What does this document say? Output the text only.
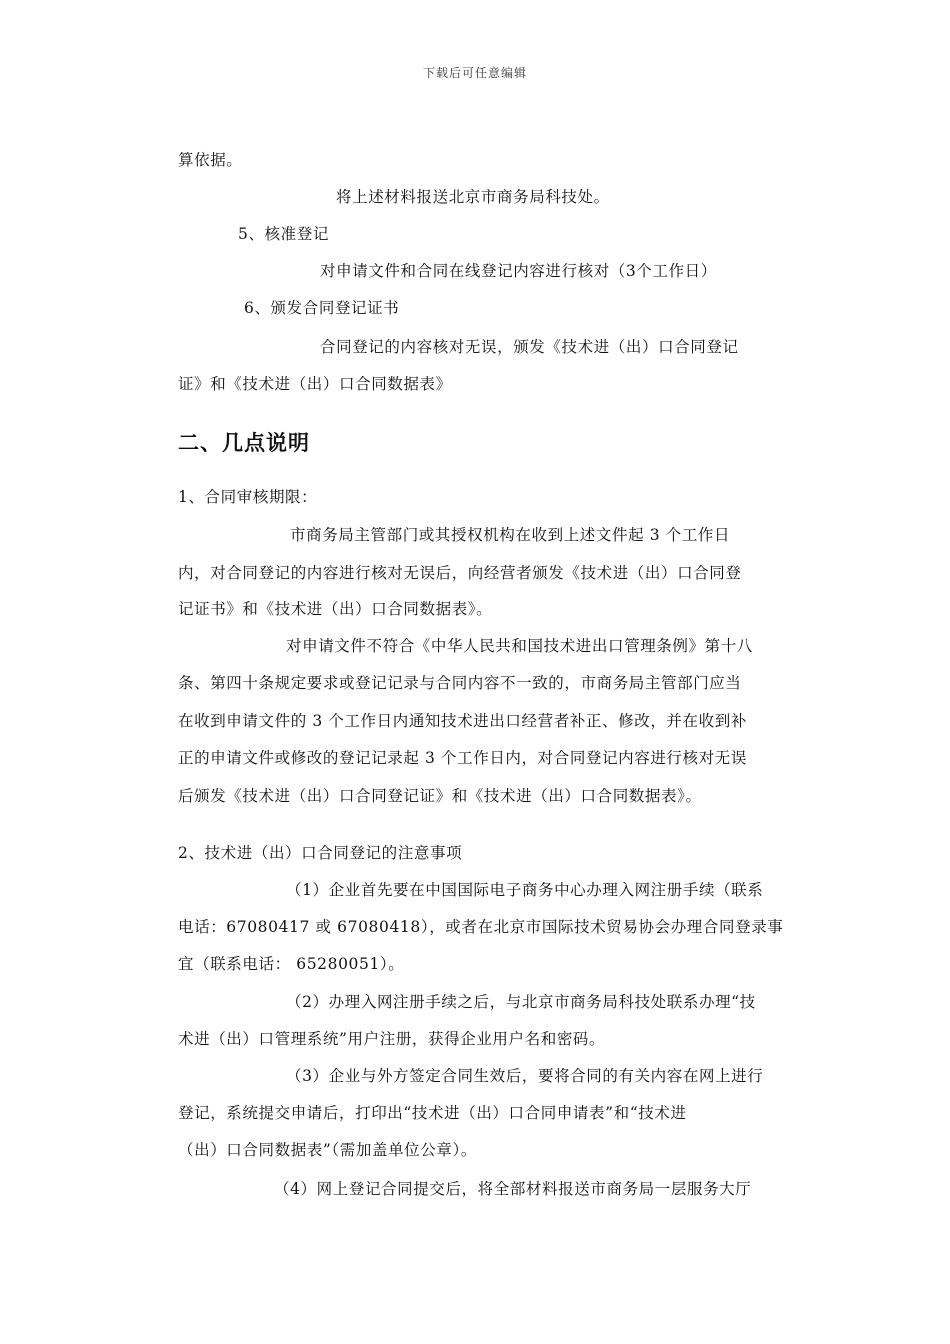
下载后可任意编辑
算依据。
将上述材料报送北京市商务局科技处。
5、核准登记
对申请文件和合同在线登记内容进行核对（3个工作日）
6、颁发合同登记证书
合同登记的内容核对无误，颁发《技术进（出）口合同登记
证》和《技术进（出）口合同数据表》
二、几点说明
1、合同审核期限：
市商务局主管部门或其授权机构在收到上述文件起 3 个工作日
内，对合同登记的内容进行核对无误后，向经营者颁发《技术进（出）口合同登
记证书》和《技术进（出）口合同数据表》。
对申请文件不符合《中华人民共和国技术进出口管理条例》第十八
条、第四十条规定要求或登记记录与合同内容不一致的，市商务局主管部门应当
在收到申请文件的 3 个工作日内通知技术进出口经营者补正、修改，并在收到补
正的申请文件或修改的登记记录起 3 个工作日内，对合同登记内容进行核对无误
后颁发《技术进（出）口合同登记证》和《技术进（出）口合同数据表》。
2、技术进（出）口合同登记的注意事项
（1）企业首先要在中国国际电子商务中心办理入网注册手续（联系
电话：67080417 或 67080418），或者在北京市国际技术贸易协会办理合同登录事
宜（联系电话： 65280051）。
（2）办理入网注册手续之后，与北京市商务局科技处联系办理“技
术进（出）口管理系统”用户注册，获得企业用户名和密码。
（3）企业与外方签定合同生效后，要将合同的有关内容在网上进行
登记，系统提交申请后，打印出“技术进（出）口合同申请表”和“技术进
（出）口合同数据表”（需加盖单位公章）。
（4）网上登记合同提交后，将全部材料报送市商务局一层服务大厅
